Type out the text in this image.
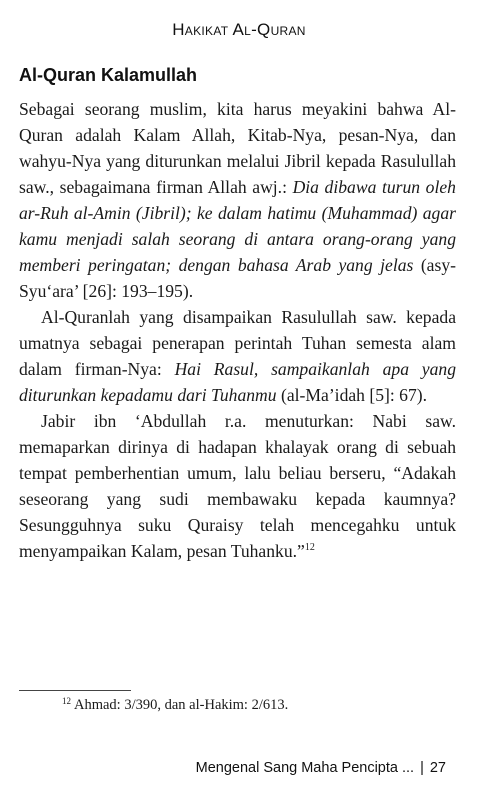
Hakikat Al-Quran
Al-Quran Kalamullah

Sebagai seorang muslim, kita harus meyakini bahwa Al-Quran adalah Kalam Allah, Kitab-Nya, pesan-Nya, dan wahyu-Nya yang diturunkan melalui Jibril kepada Rasulullah saw., sebagaimana firman Allah awj.: Dia dibawa turun oleh ar-Ruh al-Amin (Jibril); ke dalam hatimu (Muhammad) agar kamu menjadi salah seorang di antara orang-orang yang memberi peringatan; dengan bahasa Arab yang jelas (asy-Syu‘ara’ [26]: 193–195).

Al-Quranlah yang disampaikan Rasulullah saw. kepada umatnya sebagai penerapan perintah Tuhan semesta alam dalam firman-Nya: Hai Rasul, sampaikanlah apa yang diturunkan kepadamu dari Tuhanmu (al-Ma’idah [5]: 67).

Jabir ibn ‘Abdullah r.a. menuturkan: Nabi saw. memaparkan dirinya di hadapan khalayak orang di sebuah tempat pemberhentian umum, lalu beliau berseru, “Adakah seseorang yang sudi membawaku kepada kaumnya? Sesungguhnya suku Quraisy telah mencegahku untuk menyampaikan Kalam, pesan Tuhanku.”$^{12}$

$^{12}$ Ahmad: 3/390, dan al-Hakim: 2/613.
Mengenal Sang Maha Pencipta ... | 27
